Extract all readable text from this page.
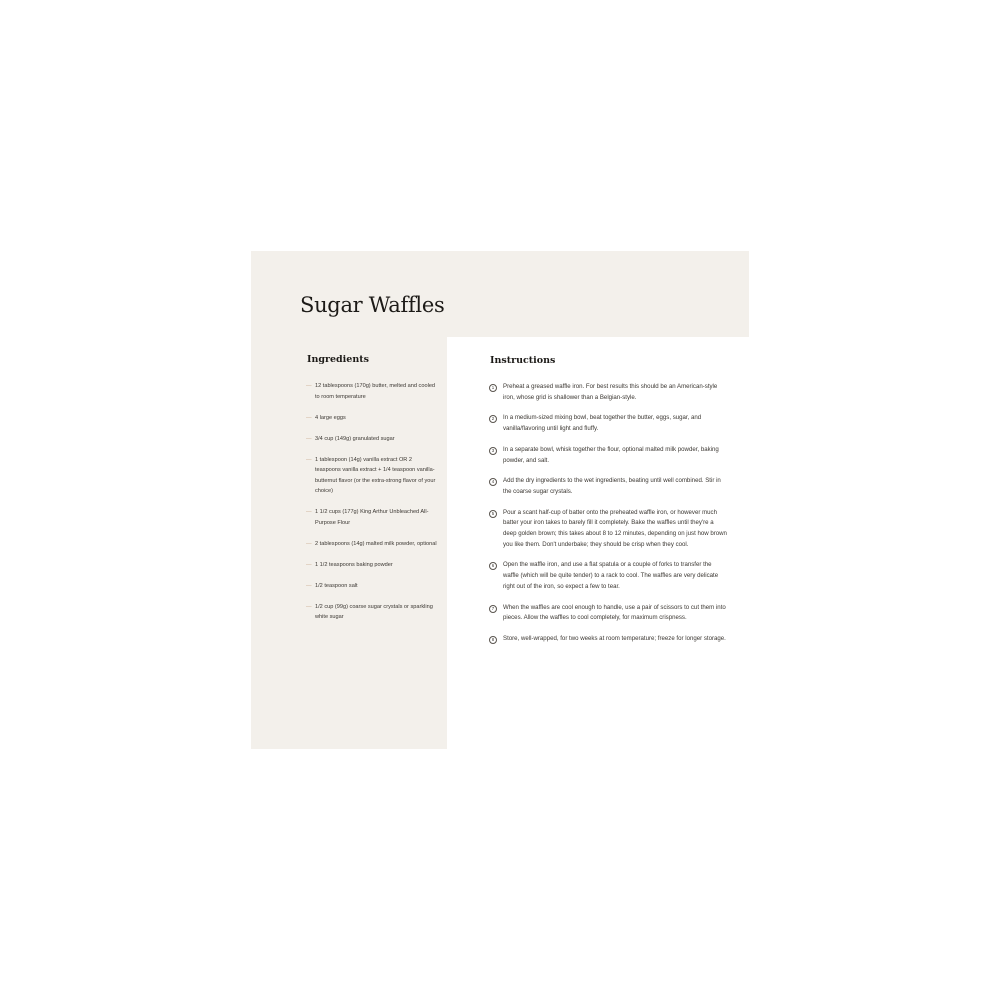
Sugar Waffles
Ingredients
— 12 tablespoons (170g) butter, melted and cooled to room temperature
— 4 large eggs
— 3/4 cup (149g) granulated sugar
— 1 tablespoon (14g) vanilla extract OR 2 teaspoons vanilla extract + 1/4 teaspoon vanilla-butternut flavor (or the extra-strong flavor of your choice)
— 1 1/2 cups (177g) King Arthur Unbleached All-Purpose Flour
— 2 tablespoons (14g) malted milk powder, optional
— 1 1/2 teaspoons baking powder
— 1/2 teaspoon salt
— 1/2 cup (99g) coarse sugar crystals or sparkling white sugar
Instructions
1	Preheat a greased waffle iron. For best results this should be an American-style iron, whose grid is shallower than a Belgian-style.
2	In a medium-sized mixing bowl, beat together the butter, eggs, sugar, and vanilla/flavoring until light and fluffy.
3	In a separate bowl, whisk together the flour, optional malted milk powder, baking powder, and salt.
4	Add the dry ingredients to the wet ingredients, beating until well combined. Stir in the coarse sugar crystals.
5	Pour a scant half-cup of batter onto the preheated waffle iron, or however much batter your iron takes to barely fill it completely. Bake the waffles until they're a deep golden brown; this takes about 8 to 12 minutes, depending on just how brown you like them. Don't underbake; they should be crisp when they cool.
6	Open the waffle iron, and use a flat spatula or a couple of forks to transfer the waffle (which will be quite tender) to a rack to cool. The waffles are very delicate right out of the iron, so expect a few to tear.
7	When the waffles are cool enough to handle, use a pair of scissors to cut them into pieces. Allow the waffles to cool completely, for maximum crispness.
8	Store, well-wrapped, for two weeks at room temperature; freeze for longer storage.
